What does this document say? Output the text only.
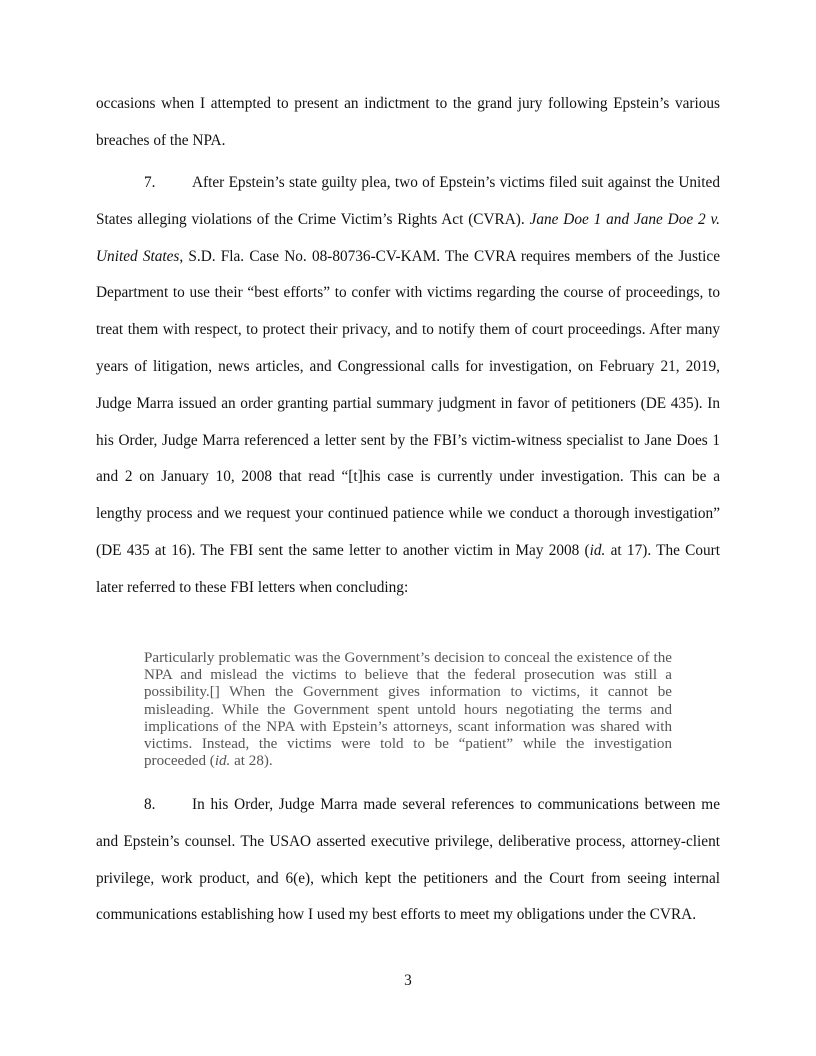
occasions when I attempted to present an indictment to the grand jury following Epstein’s various breaches of the NPA.

7. After Epstein’s state guilty plea, two of Epstein’s victims filed suit against the United States alleging violations of the Crime Victim’s Rights Act (CVRA). Jane Doe 1 and Jane Doe 2 v. United States, S.D. Fla. Case No. 08-80736-CV-KAM. The CVRA requires members of the Justice Department to use their “best efforts” to confer with victims regarding the course of proceedings, to treat them with respect, to protect their privacy, and to notify them of court proceedings. After many years of litigation, news articles, and Congressional calls for investigation, on February 21, 2019, Judge Marra issued an order granting partial summary judgment in favor of petitioners (DE 435). In his Order, Judge Marra referenced a letter sent by the FBI’s victim-witness specialist to Jane Does 1 and 2 on January 10, 2008 that read “[t]his case is currently under investigation. This can be a lengthy process and we request your continued patience while we conduct a thorough investigation” (DE 435 at 16). The FBI sent the same letter to another victim in May 2008 (id. at 17). The Court later referred to these FBI letters when concluding:

Particularly problematic was the Government’s decision to conceal the existence of the NPA and mislead the victims to believe that the federal prosecution was still a possibility.[] When the Government gives information to victims, it cannot be misleading. While the Government spent untold hours negotiating the terms and implications of the NPA with Epstein’s attorneys, scant information was shared with victims. Instead, the victims were told to be “patient” while the investigation proceeded (id. at 28).

8. In his Order, Judge Marra made several references to communications between me and Epstein’s counsel. The USAO asserted executive privilege, deliberative process, attorney-client privilege, work product, and 6(e), which kept the petitioners and the Court from seeing internal communications establishing how I used my best efforts to meet my obligations under the CVRA.

3
